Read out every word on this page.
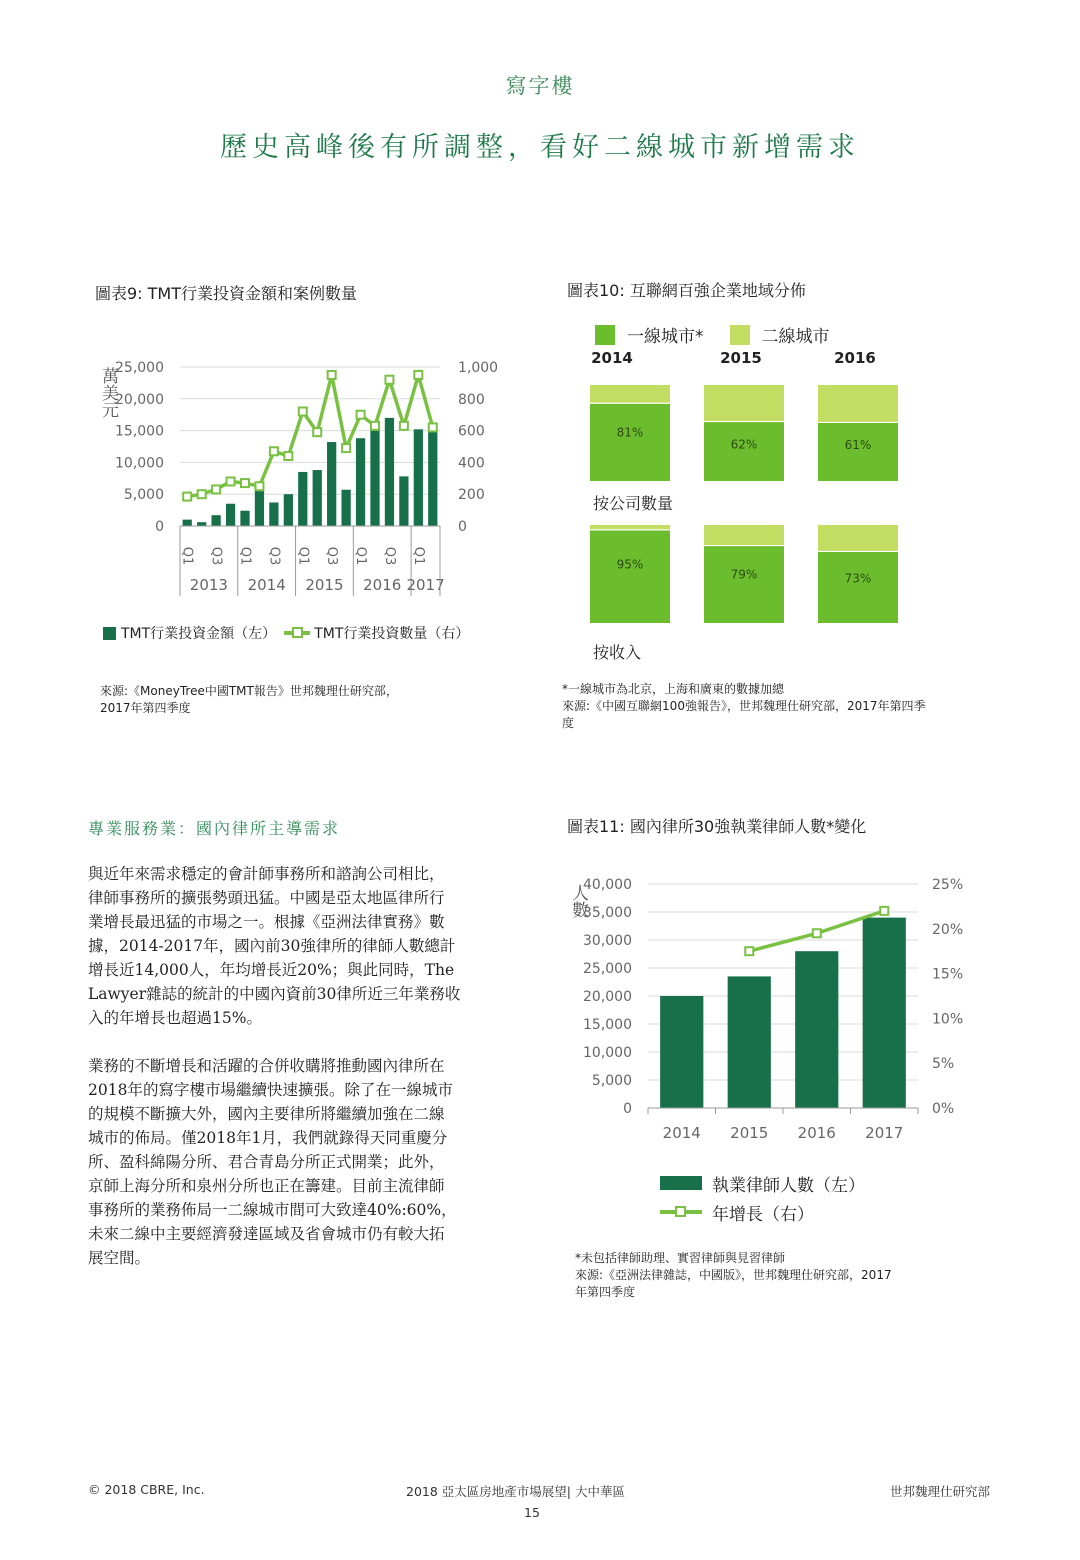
寫字樓
歷史高峰後有所調整，看好二線城市新增需求
圖表9: TMT行業投資金額和案例數量
25,000
20,000
15,000
10,000
5,000
0
1,000
800
600
400
200
0
萬美元
Q1 Q3 Q1 Q3 Q1 Q3 Q1 Q3 Q1
2013 2014 2015 2016 2017
TMT行業投資金額（左）	TMT行業投資數量（右）
來源:《MoneyTree中國TMT報告》世邦魏理仕研究部，
2017年第四季度
圖表10: 互聯網百強企業地域分佈
一線城市*	二線城市
2014	2015	2016
81%
62%	61%
95%
79%	73%
按公司數量
按收入
*一線城市為北京，上海和廣東的數據加總
來源:《中國互聯網100強報告》，世邦魏理仕研究部，2017年第四季
度
專業服務業：國內律所主導需求
與近年來需求穩定的會計師事務所和諮詢公司相比，
律師事務所的擴張勢頭迅猛。中國是亞太地區律所行
業增長最迅猛的市場之一。根據《亞洲法律實務》數
據，2014-2017年，國內前30強律所的律師人數總計
增長近14,000人，年均增長近20%；與此同時，The
Lawyer雜誌的統計的中國內資前30律所近三年業務收
入的年增長也超過15%。
業務的不斷增長和活躍的合併收購將推動國內律所在
2018年的寫字樓市場繼續快速擴張。除了在一線城市
的規模不斷擴大外，國內主要律所將繼續加強在二線
城市的佈局。僅2018年1月，我們就錄得天同重慶分
所、盈科綿陽分所、君合青島分所正式開業；此外，
京師上海分所和泉州分所也正在籌建。目前主流律師
事務所的業務佈局一二線城市間可大致達40%:60%，
未來二線中主要經濟發達區域及省會城市仍有較大拓
展空間。
圖表11: 國內律所30強執業律師人數*變化
40,000
35,000
30,000
25,000
20,000
15,000
10,000
5,000
0
25%
20%
15%
10%
5%
0%
人數
2014 2015 2016 2017
執業律師人數（左）
年增長（右）
*未包括律師助理、實習律師與見習律師
來源:《亞洲法律雜誌，中國版》，世邦魏理仕研究部，2017
年第四季度
© 2018 CBRE, Inc.	2018 亞太區房地產市場展望| 大中華區
15
世邦魏理仕研究部
